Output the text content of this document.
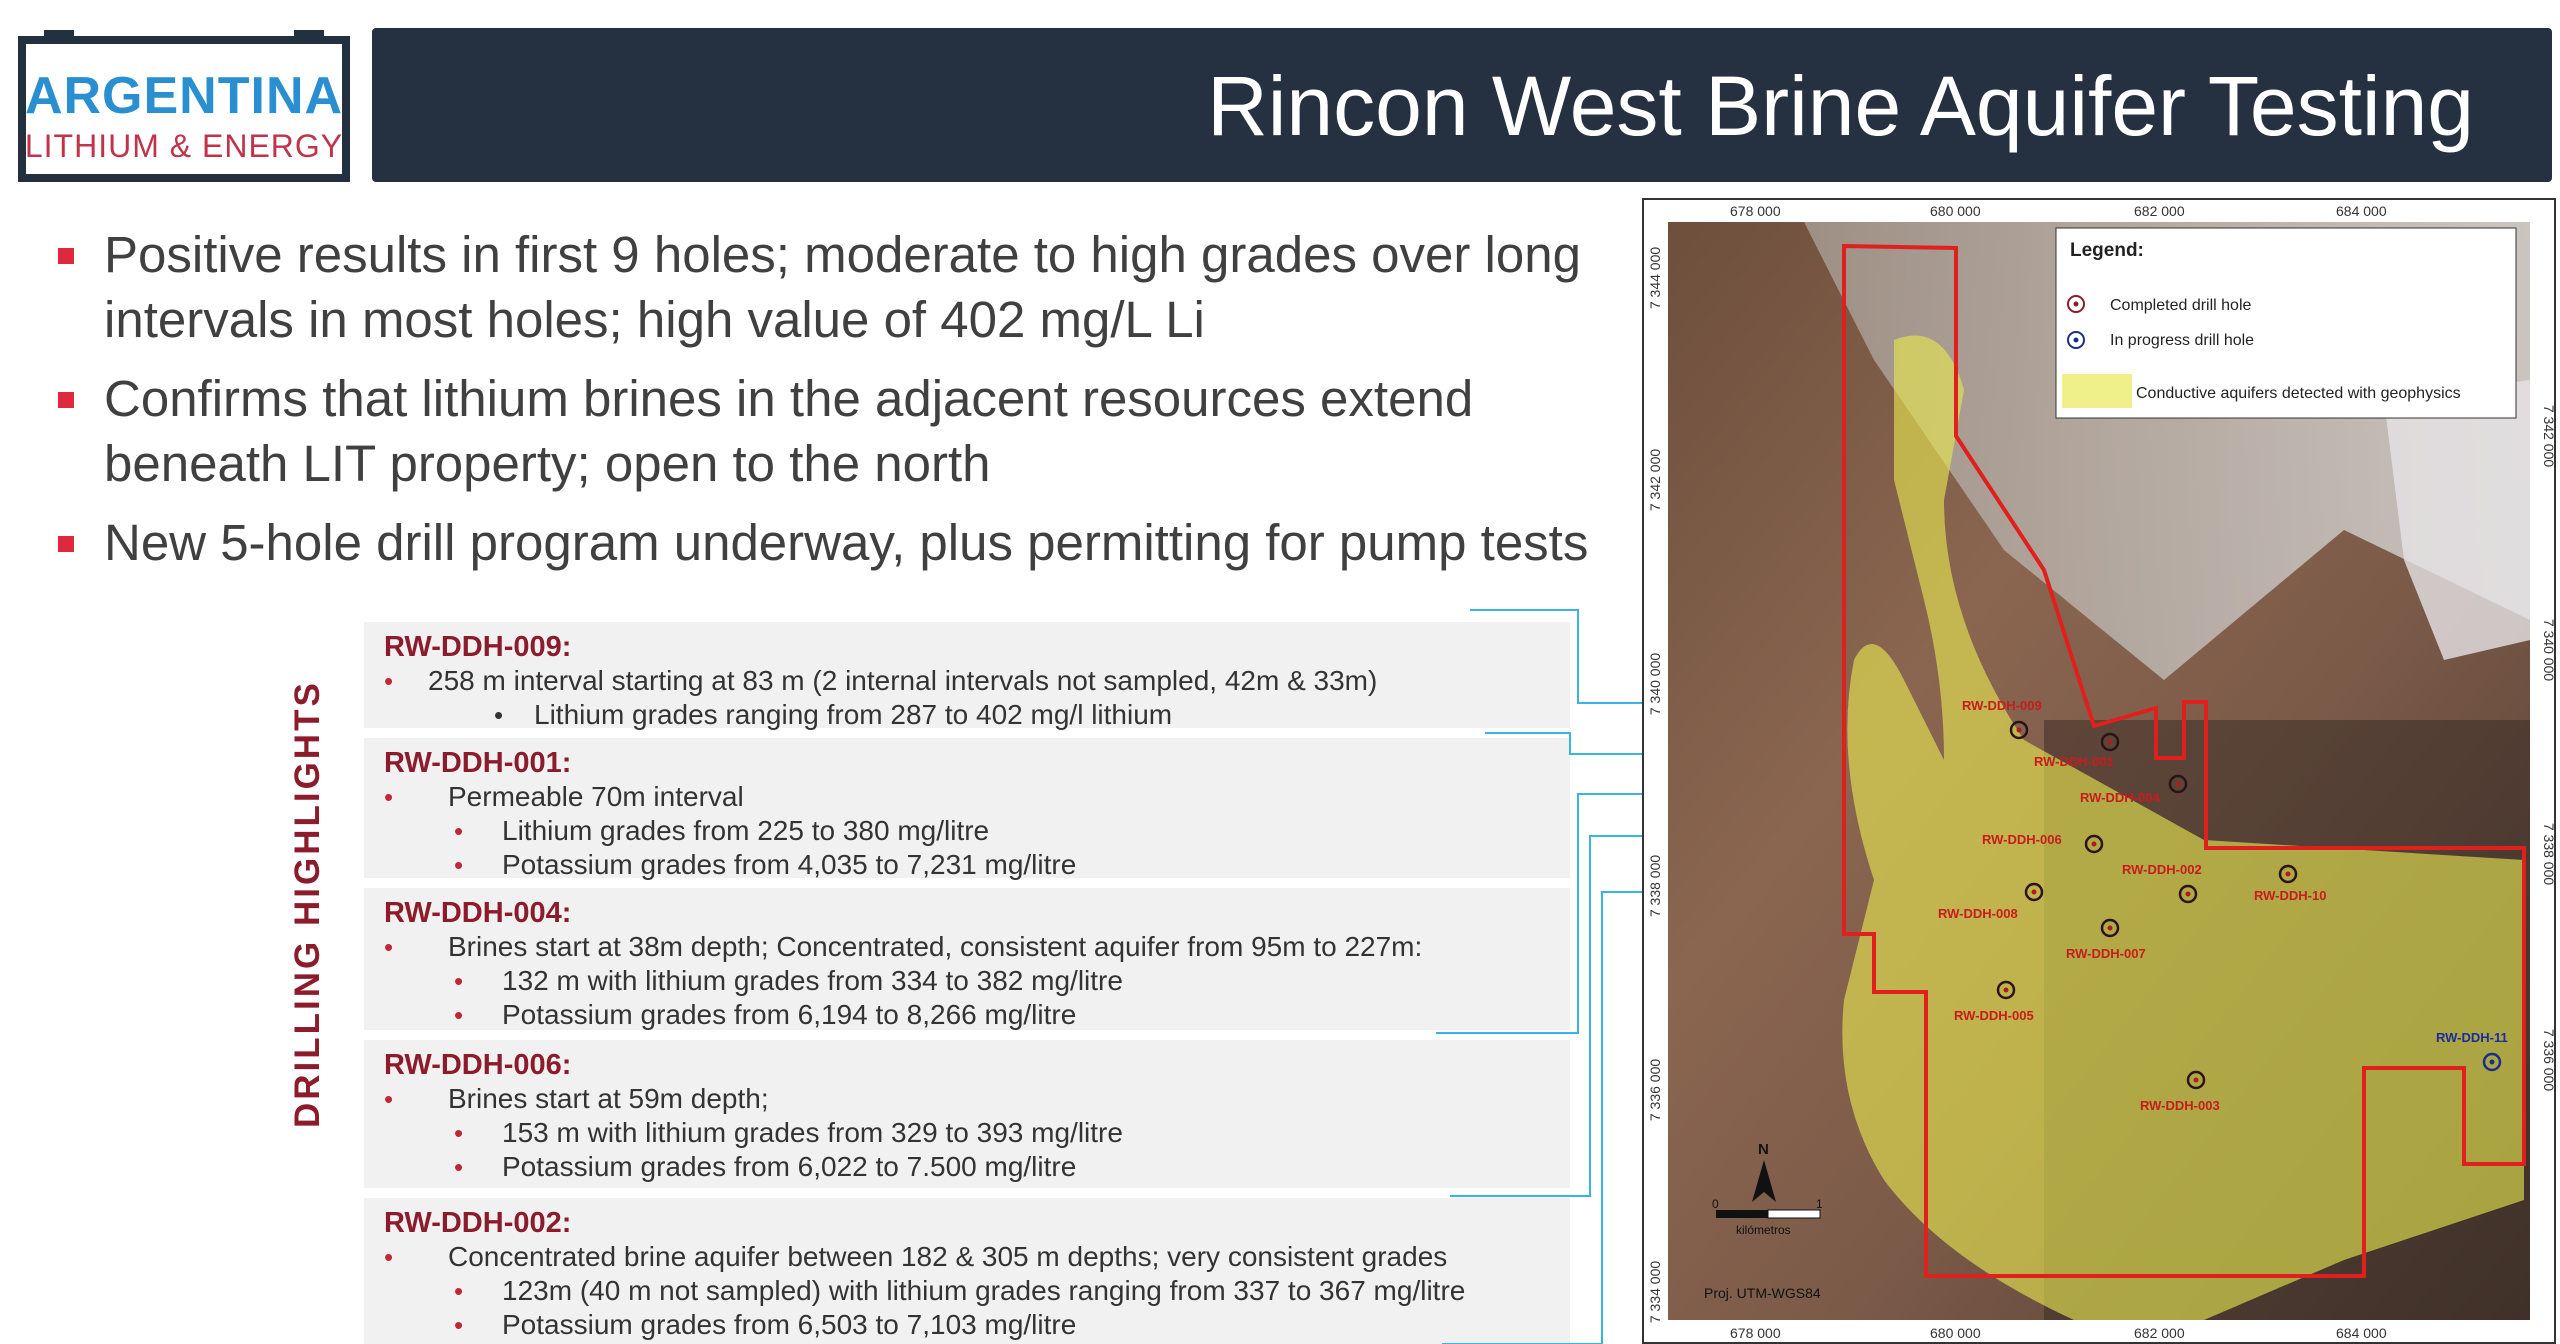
ARGENTINA
LITHIUM & ENERGY	Rincon West Brine Aquifer Testing
Positive results in first 9 holes; moderate to high grades over long intervals in most holes; high value of 402 mg/L Li
Confirms that lithium brines in the adjacent resources extend beneath LIT property; open to the north
New 5-hole drill program underway, plus permitting for pump tests
DRILLING HIGHLIGHTS
RW-DDH-009:
• 258 m interval starting at 83 m (2 internal intervals not sampled, 42m & 33m)
• Lithium grades ranging from 287 to 402 mg/l lithium
RW-DDH-001:
• Permeable 70m interval
• Lithium grades from 225 to 380 mg/litre
• Potassium grades from 4,035 to 7,231 mg/litre
RW-DDH-004:
• Brines start at 38m depth; Concentrated, consistent aquifer from 95m to 227m:
• 132 m with lithium grades from 334 to 382 mg/litre
• Potassium grades from 6,194 to 8,266 mg/litre
RW-DDH-006:
• Brines start at 59m depth;
• 153 m with lithium grades from 329 to 393 mg/litre
• Potassium grades from 6,022 to 7.500 mg/litre
RW-DDH-002:
• Concentrated brine aquifer between 182 & 305 m depths; very consistent grades
• 123m (40 m not sampled) with lithium grades ranging from 337 to 367 mg/litre
• Potassium grades from 6,503 to 7,103 mg/litre
678 000	680 000	682 000	684 000
678 000	680 000	682 000	684 000
7 344 000
7 342 000
7 340 000
7 338 000
7 336 000
7 334 000
7 342 000
7 340 000
7 338 000
7 336 000
Legend:
Completed drill hole
In progress drill hole
Conductive aquifers detected with geophysics
RW-DDH-009
RW-DDH-001
RW-DDH-004
RW-DDH-006
RW-DDH-002
RW-DDH-10
RW-DDH-008
RW-DDH-007
RW-DDH-005
RW-DDH-003
RW-DDH-11
N
0	1
kilómetros
Proj. UTM-WGS84
